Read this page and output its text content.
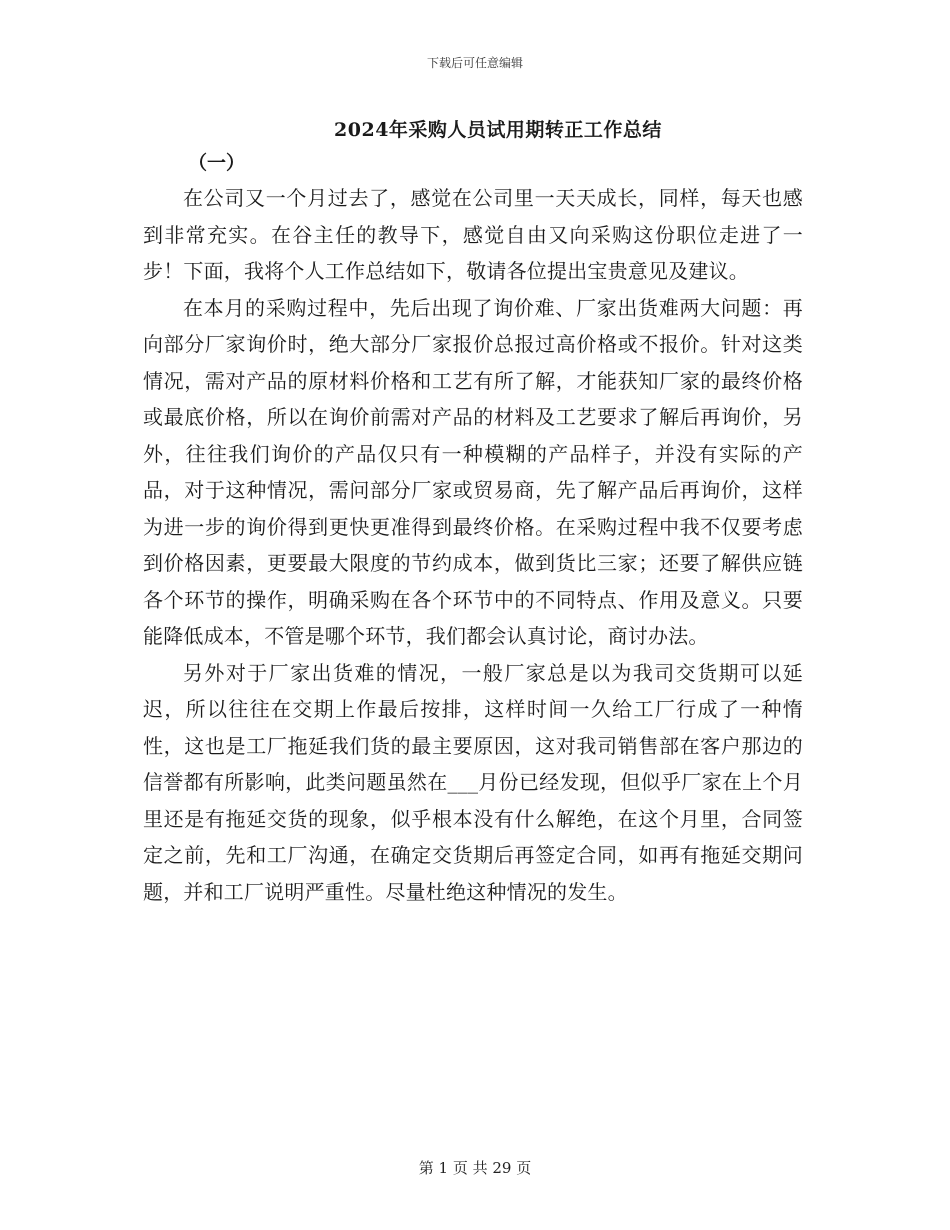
下载后可任意编辑
2024年采购人员试用期转正工作总结
（一）

在公司又一个月过去了，感觉在公司里一天天成长，同样，每天也感到非常充实。在谷主任的教导下，感觉自由又向采购这份职位走进了一步！下面，我将个人工作总结如下，敬请各位提出宝贵意见及建议。

在本月的采购过程中，先后出现了询价难、厂家出货难两大问题：再向部分厂家询价时，绝大部分厂家报价总报过高价格或不报价。针对这类情况，需对产品的原材料价格和工艺有所了解，才能获知厂家的最终价格或最底价格，所以在询价前需对产品的材料及工艺要求了解后再询价，另外，往往我们询价的产品仅只有一种模糊的产品样子，并没有实际的产品，对于这种情况，需问部分厂家或贸易商，先了解产品后再询价，这样为进一步的询价得到更快更准得到最终价格。在采购过程中我不仅要考虑到价格因素，更要最大限度的节约成本，做到货比三家；还要了解供应链各个环节的操作，明确采购在各个环节中的不同特点、作用及意义。只要能降低成本，不管是哪个环节，我们都会认真讨论，商讨办法。

另外对于厂家出货难的情况，一般厂家总是以为我司交货期可以延迟，所以往往在交期上作最后按排，这样时间一久给工厂行成了一种惰性，这也是工厂拖延我们货的最主要原因，这对我司销售部在客户那边的信誉都有所影响，此类问题虽然在___月份已经发现，但似乎厂家在上个月里还是有拖延交货的现象，似乎根本没有什么解绝，在这个月里，合同签定之前，先和工厂沟通，在确定交货期后再签定合同，如再有拖延交期问题，并和工厂说明严重性。尽量杜绝这种情况的发生。

第 1 页 共 29 页
